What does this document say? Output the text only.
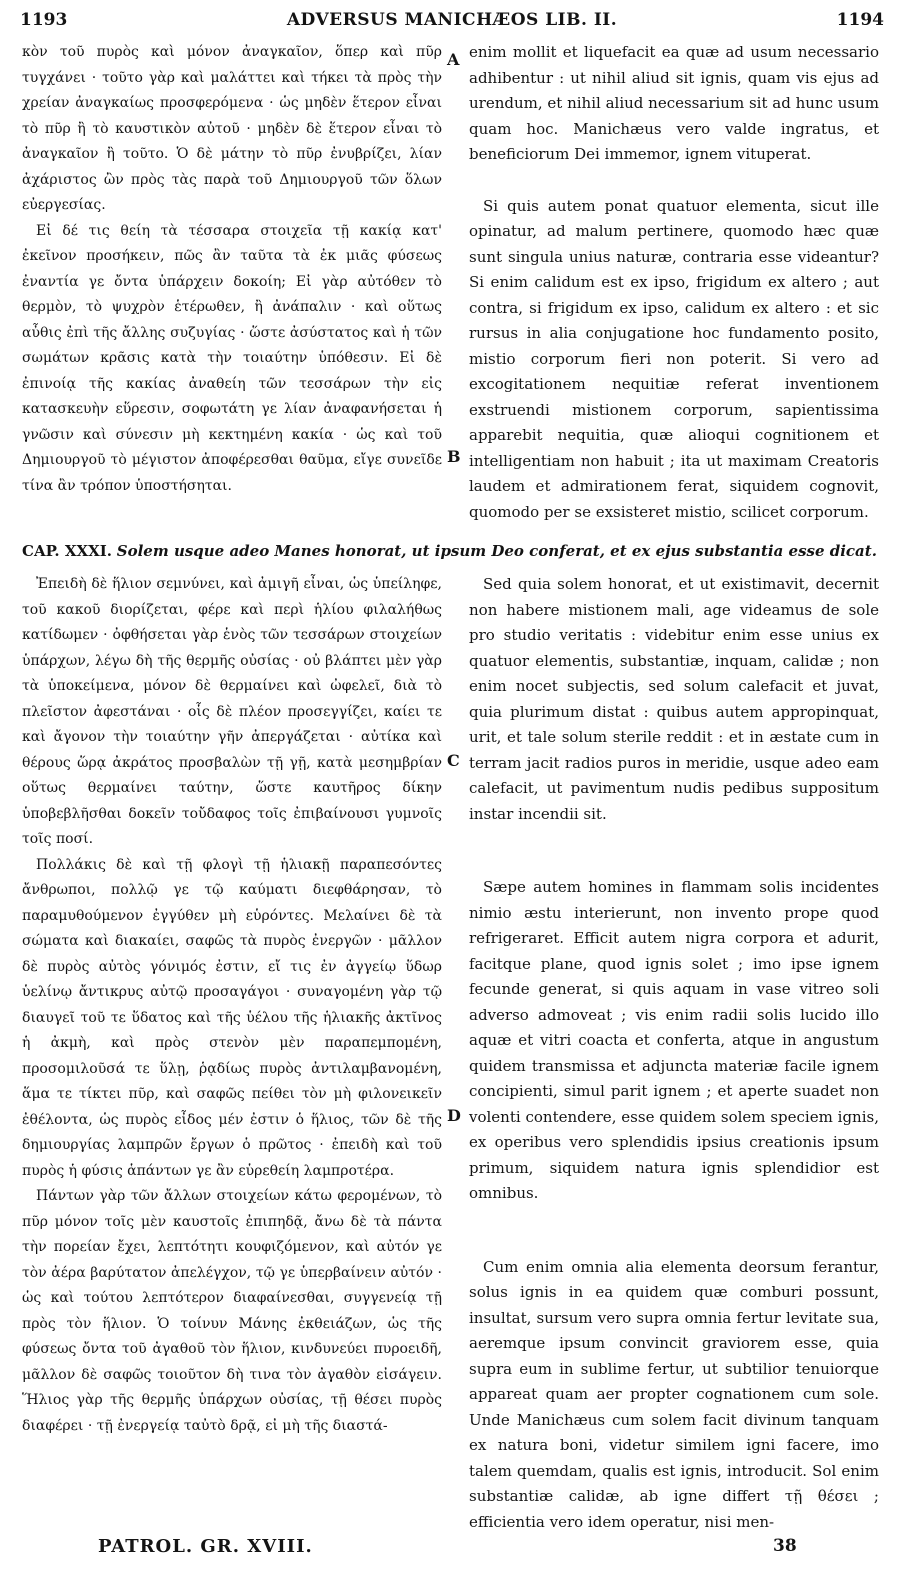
1193	ADVERSUS MANICHÆOS LIB. II.	1194

κὸν τοῦ πυρὸς καὶ μόνον ἀναγκαῖον, ὅπερ καὶ πῦρ τυγχάνει · τοῦτο γὰρ καὶ μαλάττει καὶ τήκει τὰ πρὸς τὴν χρείαν ἀναγκαίως προσφερόμενα · ὡς μηδὲν ἕτερον εἶναι τὸ πῦρ ἢ τὸ καυστικὸν αὐτοῦ · μηδὲν δὲ ἕτερον εἶναι τὸ ἀναγκαῖον ἢ τοῦτο. Ὁ δὲ μάτην τὸ πῦρ ἐνυβρίζει, λίαν ἀχάριστος ὢν πρὸς τὰς παρὰ τοῦ Δημιουργοῦ τῶν ὅλων εὐεργεσίας.

Εἰ δέ τις θείη τὰ τέσσαρα στοιχεῖα τῇ κακίᾳ κατ' ἐκεῖνον προσήκειν, πῶς ἂν ταῦτα τὰ ἐκ μιᾶς φύσεως ἐναντία γε ὄντα ὑπάρχειν δοκοίη; Εἰ γὰρ αὐτόθεν τὸ θερμὸν, τὸ ψυχρὸν ἑτέρωθεν, ἢ ἀνάπαλιν · καὶ οὕτως αὖθις ἐπὶ τῆς ἄλλης συζυγίας · ὥστε ἀσύστατος καὶ ἡ τῶν σωμάτων κρᾶσις κατὰ τὴν τοιαύτην ὑπόθεσιν. Εἰ δὲ ἐπινοίᾳ τῆς κακίας ἀναθείη τῶν τεσσάρων τὴν εἰς κατασκευὴν εὕρεσιν, σοφωτάτη γε λίαν ἀναφανήσεται ἡ γνῶσιν καὶ σύνεσιν μὴ κεκτημένη κακία · ὡς καὶ τοῦ Δημιουργοῦ τὸ μέγιστον ἀποφέρεσθαι θαῦμα, εἴγε συνεῖδε τίνα ἂν τρόπον ὑποστήσηται.

enim mollit et liquefacit ea quæ ad usum necessario adhibentur : ut nihil aliud sit ignis, quam vis ejus ad urendum, et nihil aliud necessarium sit ad hunc usum quam hoc. Manichæus vero valde ingratus, et beneficiorum Dei immemor, ignem vituperat.

Si quis autem ponat quatuor elementa, sicut ille opinatur, ad malum pertinere, quomodo hæc quæ sunt singula unius naturæ, contraria esse videantur? Si enim calidum est ex ipso, frigidum ex altero ; aut contra, si frigidum ex ipso, calidum ex altero : et sic rursus in alia conjugatione hoc fundamento posito, mistio corporum fieri non poterit. Si vero ad excogitationem nequitiæ referat inventionem exstruendi mistionem corporum, sapientissima apparebit nequitia, quæ alioqui cognitionem et intelligentiam non habuit ; ita ut maximam Creatoris laudem et admirationem ferat, siquidem cognovit, quomodo per se exsisteret mistio, scilicet corporum.

A
B
CAP. XXXI. Solem usque adeo Manes honorat, ut ipsum Deo conferat, et ex ejus substantia esse dicat.

Ἐπειδὴ δὲ ἥλιον σεμνύνει, καὶ ἀμιγῆ εἶναι, ὡς ὑπείληφε, τοῦ κακοῦ διορίζεται, φέρε καὶ περὶ ἡλίου φιλαλήθως κατίδωμεν · ὀφθήσεται γὰρ ἑνὸς τῶν τεσσάρων στοιχείων ὑπάρχων, λέγω δὴ τῆς θερμῆς οὐσίας · οὐ βλάπτει μὲν γὰρ τὰ ὑποκείμενα, μόνον δὲ θερμαίνει καὶ ὠφελεῖ, διὰ τὸ πλεῖστον ἀφεστάναι · οἷς δὲ πλέον προσεγγίζει, καίει τε καὶ ἄγονον τὴν τοιαύτην γῆν ἀπεργάζεται · αὐτίκα καὶ θέρους ὥρᾳ ἀκράτος προσβαλὼν τῇ γῇ, κατὰ μεσημβρίαν οὕτως θερμαίνει ταύτην, ὥστε καυτῆρος δίκην ὑποβεβλῆσθαι δοκεῖν τοὔδαφος τοῖς ἐπιβαίνουσι γυμνοῖς τοῖς ποσί.

Πολλάκις δὲ καὶ τῇ φλογὶ τῇ ἡλιακῇ παραπεσόντες ἄνθρωποι, πολλῷ γε τῷ καύματι διεφθάρησαν, τὸ παραμυθούμενον ἐγγύθεν μὴ εὑρόντες. Μελαίνει δὲ τὰ σώματα καὶ διακαίει, σαφῶς τὰ πυρὸς ἐνεργῶν · μᾶλλον δὲ πυρὸς αὐτὸς γόνιμός ἐστιν, εἴ τις ἐν ἀγγείῳ ὕδωρ ὑελίνῳ ἄντικρυς αὐτῷ προσαγάγοι · συναγομένη γὰρ τῷ διαυγεῖ τοῦ τε ὕδατος καὶ τῆς ὑέλου τῆς ἡλιακῆς ἀκτῖνος ἡ ἀκμὴ, καὶ πρὸς στενὸν μὲν παραπεμπομένη, προσομιλοῦσά τε ὕλῃ, ῥᾳδίως πυρὸς ἀντιλαμβανομένη, ἅμα τε τίκτει πῦρ, καὶ σαφῶς πείθει τὸν μὴ φιλονεικεῖν ἐθέλοντα, ὡς πυρὸς εἶδος μέν ἐστιν ὁ ἥλιος, τῶν δὲ τῆς δημιουργίας λαμπρῶν ἔργων ὁ πρῶτος · ἐπειδὴ καὶ τοῦ πυρὸς ἡ φύσις ἁπάντων γε ἂν εὑρεθείη λαμπροτέρα.

Πάντων γὰρ τῶν ἄλλων στοιχείων κάτω φερομένων, τὸ πῦρ μόνον τοῖς μὲν καυστοῖς ἐπιπηδᾷ, ἄνω δὲ τὰ πάντα τὴν πορείαν ἔχει, λεπτότητι κουφιζόμενον, καὶ αὐτόν γε τὸν ἀέρα βαρύτατον ἀπελέγχον, τῷ γε ὑπερβαίνειν αὐτόν · ὡς καὶ τούτου λεπτότερον διαφαίνεσθαι, συγγενείᾳ τῇ πρὸς τὸν ἥλιον. Ὁ τοίνυν Μάνης ἐκθειάζων, ὡς τῆς φύσεως ὄντα τοῦ ἀγαθοῦ τὸν ἥλιον, κινδυνεύει πυροειδῆ, μᾶλλον δὲ σαφῶς τοιοῦτον δὴ τινα τὸν ἀγαθὸν εἰσάγειν. Ἥλιος γὰρ τῆς θερμῆς ὑπάρχων οὐσίας, τῇ θέσει πυρὸς διαφέρει · τῇ ἐνεργείᾳ ταὐτὸ δρᾷ, εἰ μὴ τῆς διαστά-

Sed quia solem honorat, et ut existimavit, decernit non habere mistionem mali, age videamus de sole pro studio veritatis : videbitur enim esse unius ex quatuor elementis, substantiæ, inquam, calidæ ; non enim nocet subjectis, sed solum calefacit et juvat, quia plurimum distat : quibus autem appropinquat, urit, et tale solum sterile reddit : et in æstate cum in terram jacit radios puros in meridie, usque adeo eam calefacit, ut pavimentum nudis pedibus suppositum instar incendii sit.

Sæpe autem homines in flammam solis incidentes nimio æstu interierunt, non invento prope quod refrigeraret. Efficit autem nigra corpora et adurit, facitque plane, quod ignis solet ; imo ipse ignem fecunde generat, si quis aquam in vase vitreo soli adverso admoveat ; vis enim radii solis lucido illo aquæ et vitri coacta et conferta, atque in angustum quidem transmissa et adjuncta materiæ facile ignem concipienti, simul parit ignem ; et aperte suadet non volenti contendere, esse quidem solem speciem ignis, ex operibus vero splendidis ipsius creationis ipsum primum, siquidem natura ignis splendidior est omnibus.

Cum enim omnia alia elementa deorsum ferantur, solus ignis in ea quidem quæ comburi possunt, insultat, sursum vero supra omnia fertur levitate sua, aeremque ipsum convincit graviorem esse, quia supra eum in sublime fertur, ut subtilior tenuiorque appareat quam aer propter cognationem cum sole. Unde Manichæus cum solem facit divinum tanquam ex natura boni, videtur similem igni facere, imo talem quemdam, qualis est ignis, introducit. Sol enim substantiæ calidæ, ab igne differt τῇ θέσει ; efficientia vero idem operatur, nisi men-

C
D
PATROL. GR. XVIII.	38
